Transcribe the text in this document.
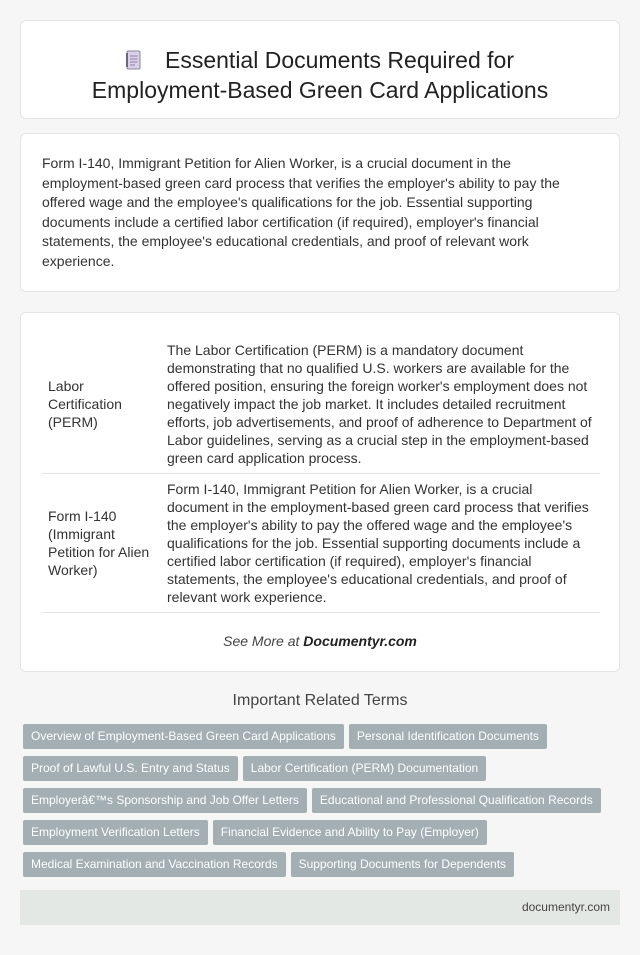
Essential Documents Required for
Employment-Based Green Card Applications

Form I-140, Immigrant Petition for Alien Worker, is a crucial document in the employment-based green card process that verifies the employer's ability to pay the offered wage and the employee's qualifications for the job. Essential supporting documents include a certified labor certification (if required), employer's financial statements, the employee's educational credentials, and proof of relevant work experience.

Labor Certification (PERM)	The Labor Certification (PERM) is a mandatory document demonstrating that no qualified U.S. workers are available for the offered position, ensuring the foreign worker's employment does not negatively impact the job market. It includes detailed recruitment efforts, job advertisements, and proof of adherence to Department of Labor guidelines, serving as a crucial step in the employment-based green card application process.
Form I-140 (Immigrant Petition for Alien Worker)	Form I-140, Immigrant Petition for Alien Worker, is a crucial document in the employment-based green card process that verifies the employer's ability to pay the offered wage and the employee's qualifications for the job. Essential supporting documents include a certified labor certification (if required), employer's financial statements, the employee's educational credentials, and proof of relevant work experience.
See More at Documentyr.com
Important Related Terms
Overview of Employment-Based Green Card Applications Personal Identification Documents
Proof of Lawful U.S. Entry and Status Labor Certification (PERM) Documentation
Employerâ€™s Sponsorship and Job Offer Letters Educational and Professional Qualification Records
Employment Verification Letters Financial Evidence and Ability to Pay (Employer)
Medical Examination and Vaccination Records Supporting Documents for Dependents
documentyr.com
